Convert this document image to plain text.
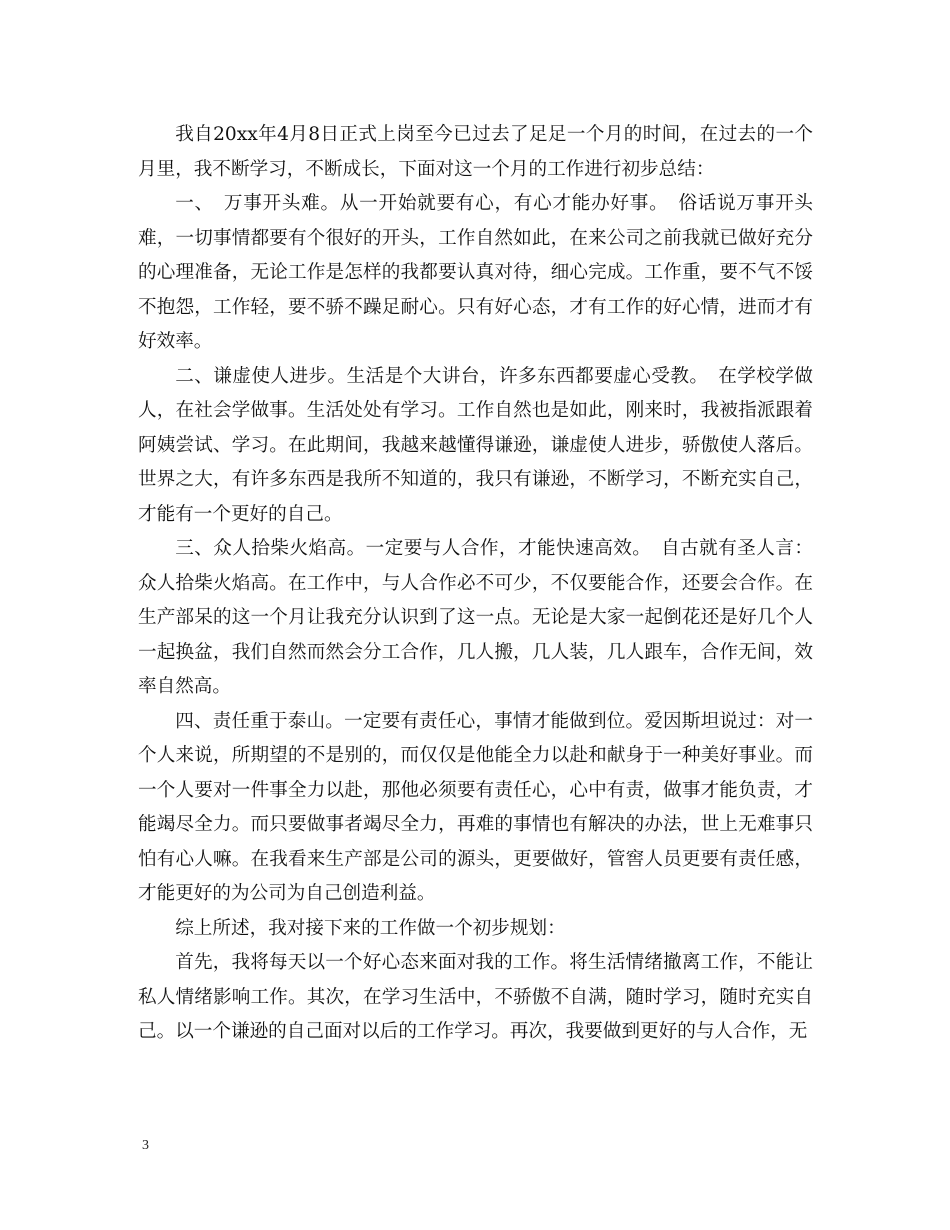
我自20xx年4月8日正式上岗至今已过去了足足一个月的时间，在过去的一个月里，我不断学习，不断成长，下面对这一个月的工作进行初步总结：

一、　万事开头难。从一开始就要有心，有心才能办好事。　俗话说万事开头难，一切事情都要有个很好的开头，工作自然如此，在来公司之前我就已做好充分的心理准备，无论工作是怎样的我都要认真对待，细心完成。工作重，要不气不馁不抱怨，工作轻，要不骄不躁足耐心。只有好心态，才有工作的好心情，进而才有好效率。

二、谦虚使人进步。生活是个大讲台，许多东西都要虚心受教。　在学校学做人，在社会学做事。生活处处有学习。工作自然也是如此，刚来时，我被指派跟着阿姨尝试、学习。在此期间，我越来越懂得谦逊，谦虚使人进步，骄傲使人落后。世界之大，有许多东西是我所不知道的，我只有谦逊，不断学习，不断充实自己，才能有一个更好的自己。

三、众人拾柴火焰高。一定要与人合作，才能快速高效。　自古就有圣人言：众人拾柴火焰高。在工作中，与人合作必不可少，不仅要能合作，还要会合作。在生产部呆的这一个月让我充分认识到了这一点。无论是大家一起倒花还是好几个人一起换盆，我们自然而然会分工合作，几人搬，几人装，几人跟车，合作无间，效率自然高。

四、责任重于泰山。一定要有责任心，事情才能做到位。爱因斯坦说过：对一个人来说，所期望的不是别的，而仅仅是他能全力以赴和献身于一种美好事业。而一个人要对一件事全力以赴，那他必须要有责任心，心中有责，做事才能负责，才能竭尽全力。而只要做事者竭尽全力，再难的事情也有解决的办法，世上无难事只怕有心人嘛。在我看来生产部是公司的源头，更要做好，管窖人员更要有责任感，才能更好的为公司为自己创造利益。

综上所述，我对接下来的工作做一个初步规划：

首先，我将每天以一个好心态来面对我的工作。将生活情绪撤离工作，不能让私人情绪影响工作。其次，在学习生活中，不骄傲不自满，随时学习，随时充实自己。以一个谦逊的自己面对以后的工作学习。再次，我要做到更好的与人合作，无

3
